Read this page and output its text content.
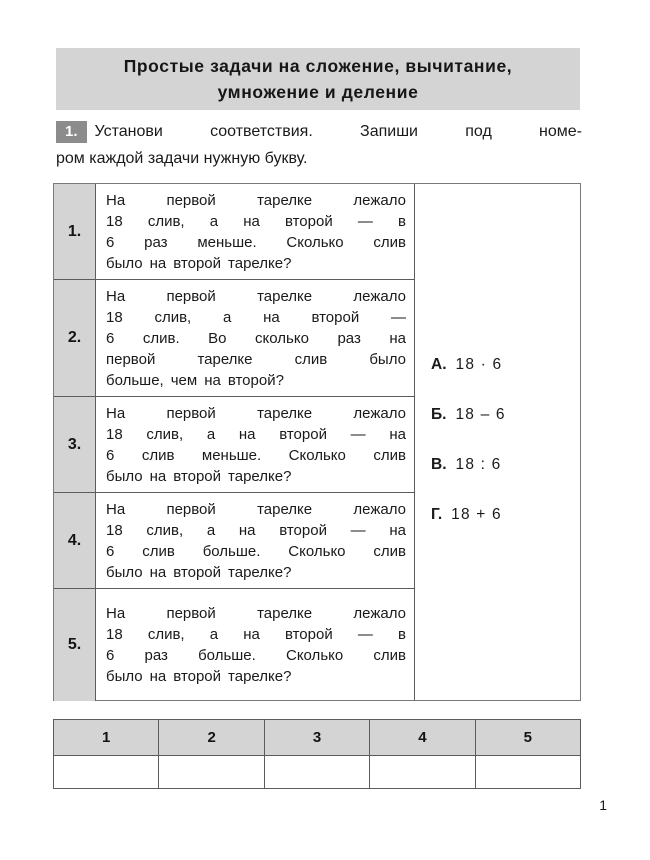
Простые задачи на сложение, вычитание,
умножение и деление
1.	Установи соответствия. Запиши под номе-
ром каждой задачи нужную букву.
1.
На	первой	тарелке	лежало
18 слив, а на второй — в
6 раз меньше. Сколько слив
было на второй тарелке?
2.
На	первой	тарелке	лежало
18 слив, а на второй —
6 слив. Во сколько раз на
первой	тарелке	слив	было
больше, чем на второй?
3.
На	первой	тарелке	лежало
18 слив, а на второй — на
6 слив меньше. Сколько слив
было на второй тарелке?
4.
На	первой	тарелке	лежало
18 слив, а на второй — на
6 слив больше. Сколько слив
было на второй тарелке?
5.
На	первой	тарелке	лежало
18 слив, а на второй — в
6 раз больше. Сколько слив
было на второй тарелке?
А. 18 · 6
Б. 18 – 6
В. 18 : 6
Г. 18 + 6
1	2	3	4	5
1
